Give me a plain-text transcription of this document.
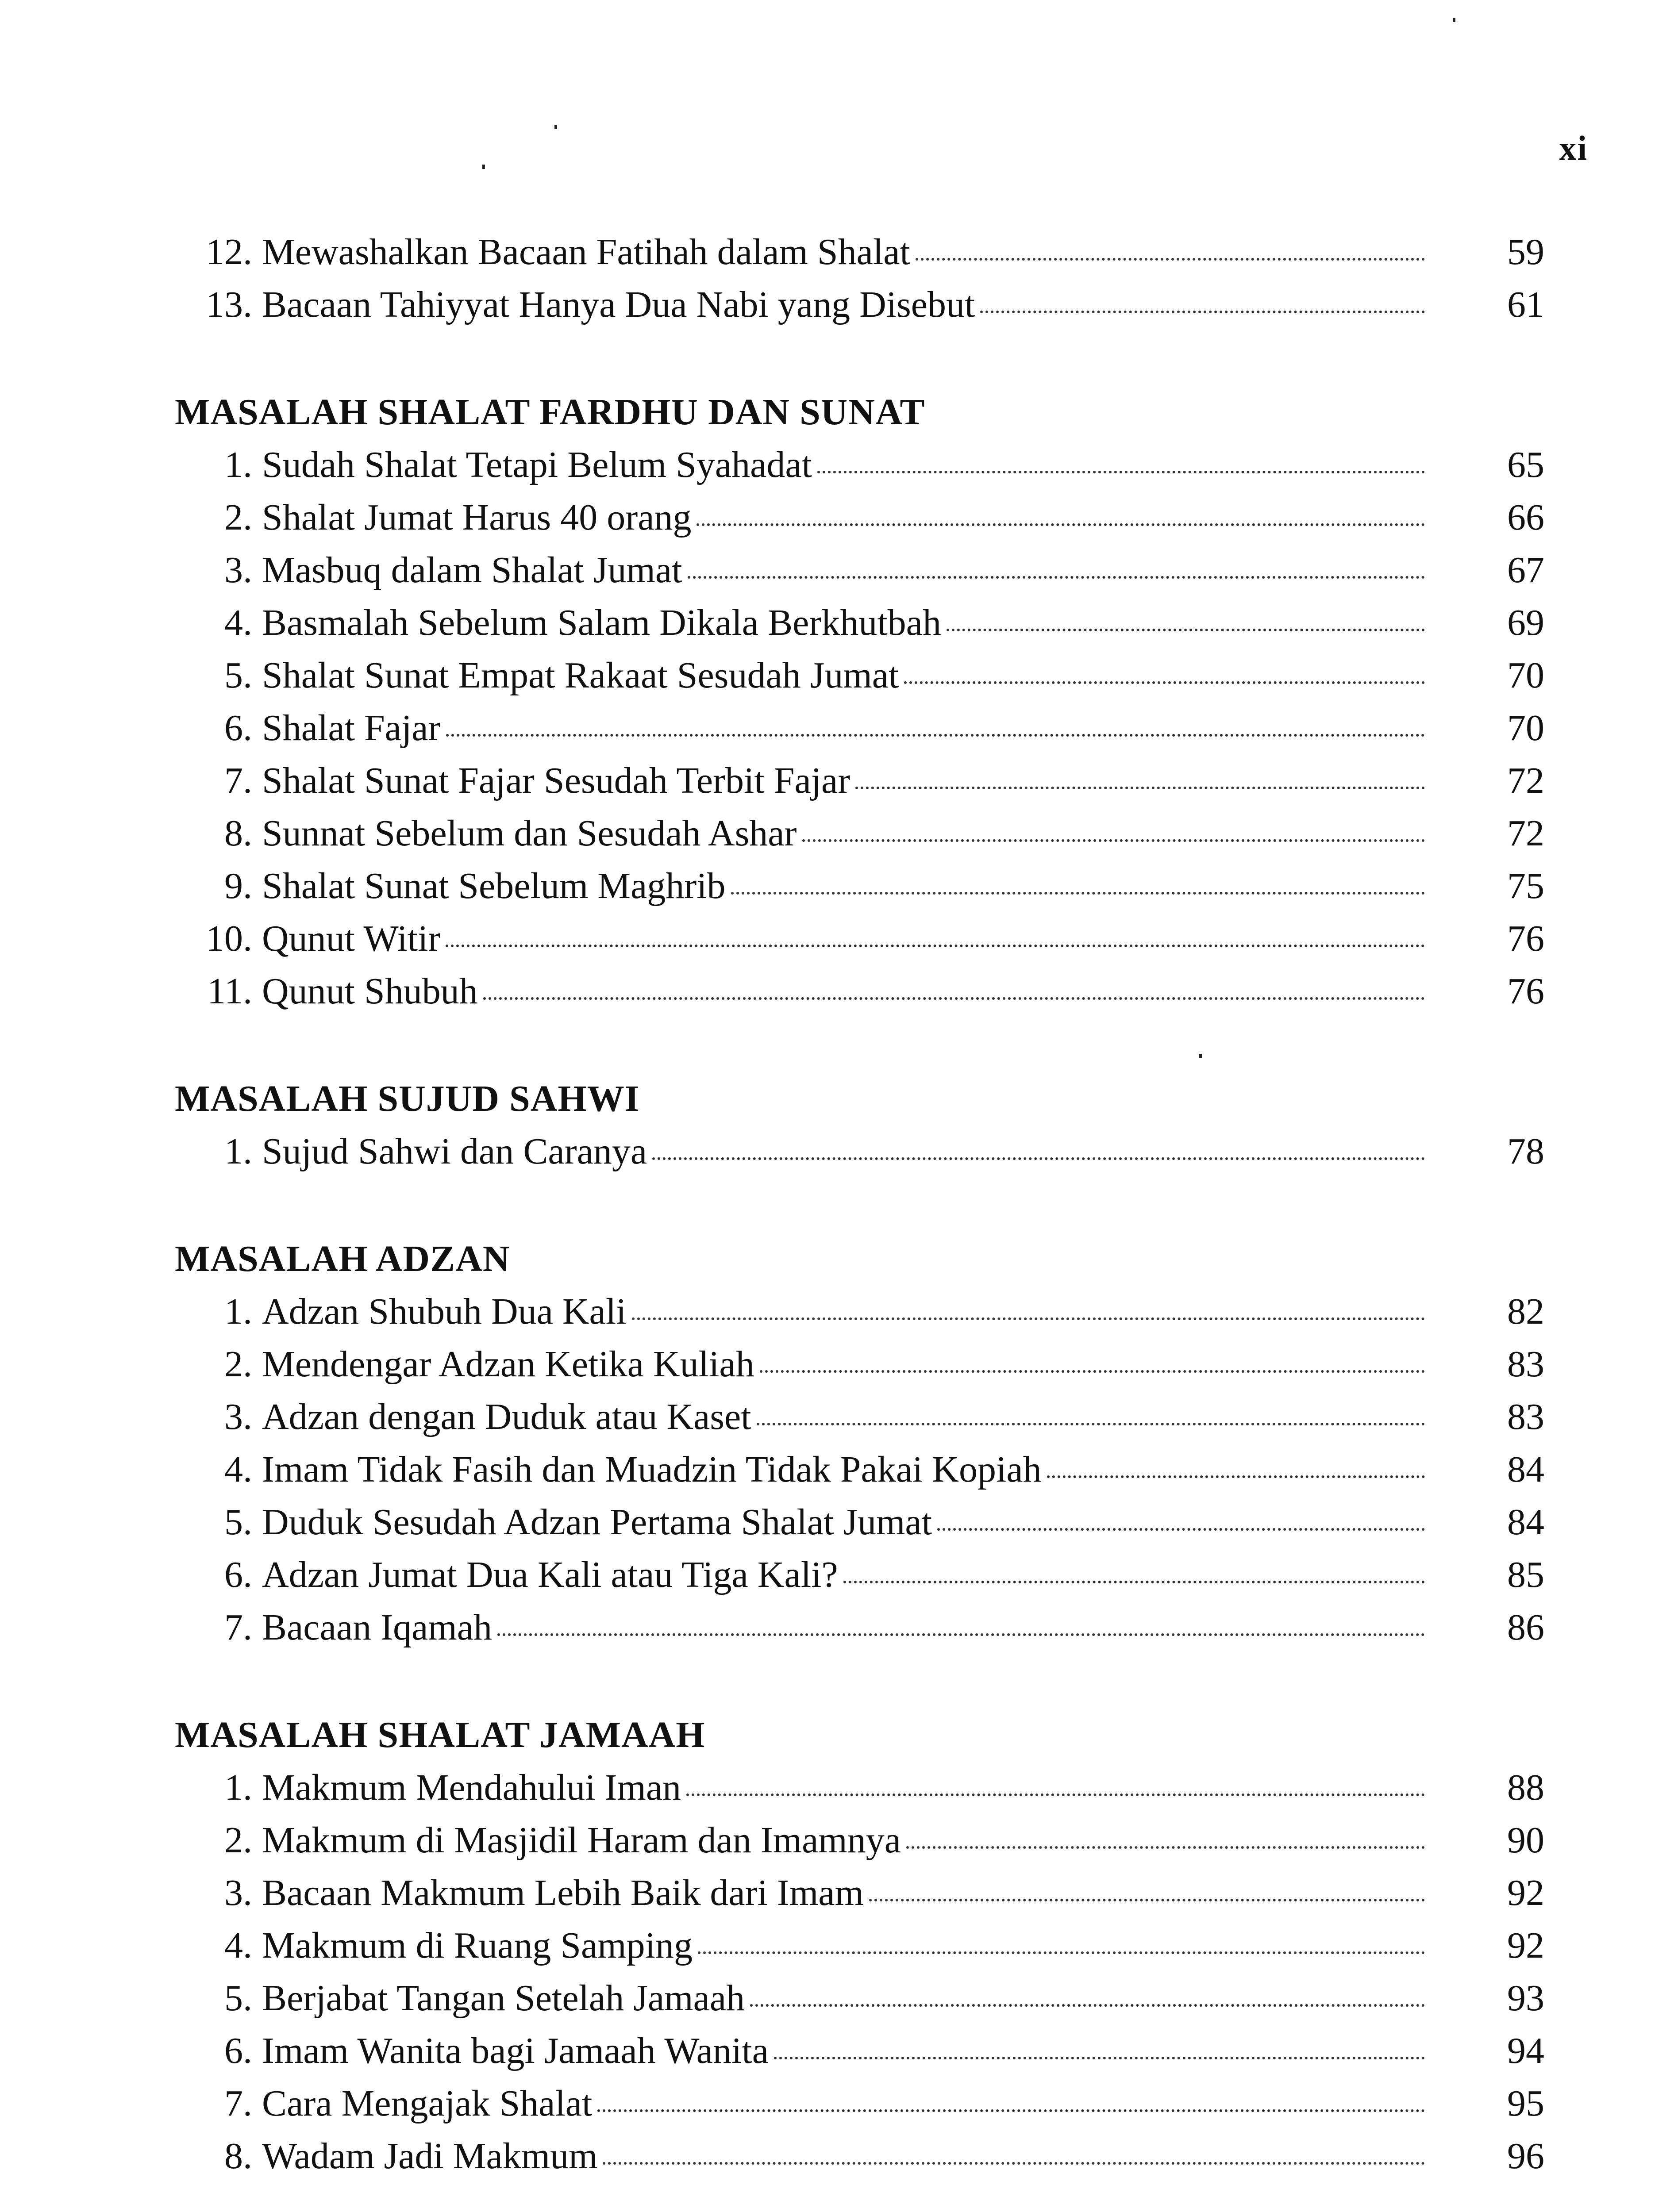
xi
12. Mewashalkan Bacaan Fatihah dalam Shalat	59
13. Bacaan Tahiyyat Hanya Dua Nabi yang Disebut	61
MASALAH SHALAT FARDHU DAN SUNAT
1. Sudah Shalat Tetapi Belum Syahadat	65
2. Shalat Jumat Harus 40 orang	66
3. Masbuq dalam Shalat Jumat	67
4. Basmalah Sebelum Salam Dikala Berkhutbah	69
5. Shalat Sunat Empat Rakaat Sesudah Jumat	70
6. Shalat Fajar	70
7. Shalat Sunat Fajar Sesudah Terbit Fajar	72
8. Sunnat Sebelum dan Sesudah Ashar	72
9. Shalat Sunat Sebelum Maghrib	75
10. Qunut Witir	76
11. Qunut Shubuh	76
MASALAH SUJUD SAHWI
1. Sujud Sahwi dan Caranya	78
MASALAH ADZAN
1. Adzan Shubuh Dua Kali	82
2. Mendengar Adzan Ketika Kuliah	83
3. Adzan dengan Duduk atau Kaset	83
4. Imam Tidak Fasih dan Muadzin Tidak Pakai Kopiah	84
5. Duduk Sesudah Adzan Pertama Shalat Jumat	84
6. Adzan Jumat Dua Kali atau Tiga Kali?	85
7. Bacaan Iqamah	86
MASALAH SHALAT JAMAAH
1. Makmum Mendahului Iman	88
2. Makmum di Masjidil Haram dan Imamnya	90
3. Bacaan Makmum Lebih Baik dari Imam	92
4. Makmum di Ruang Samping	92
5. Berjabat Tangan Setelah Jamaah	93
6. Imam Wanita bagi Jamaah Wanita	94
7. Cara Mengajak Shalat	95
8. Wadam Jadi Makmum	96
